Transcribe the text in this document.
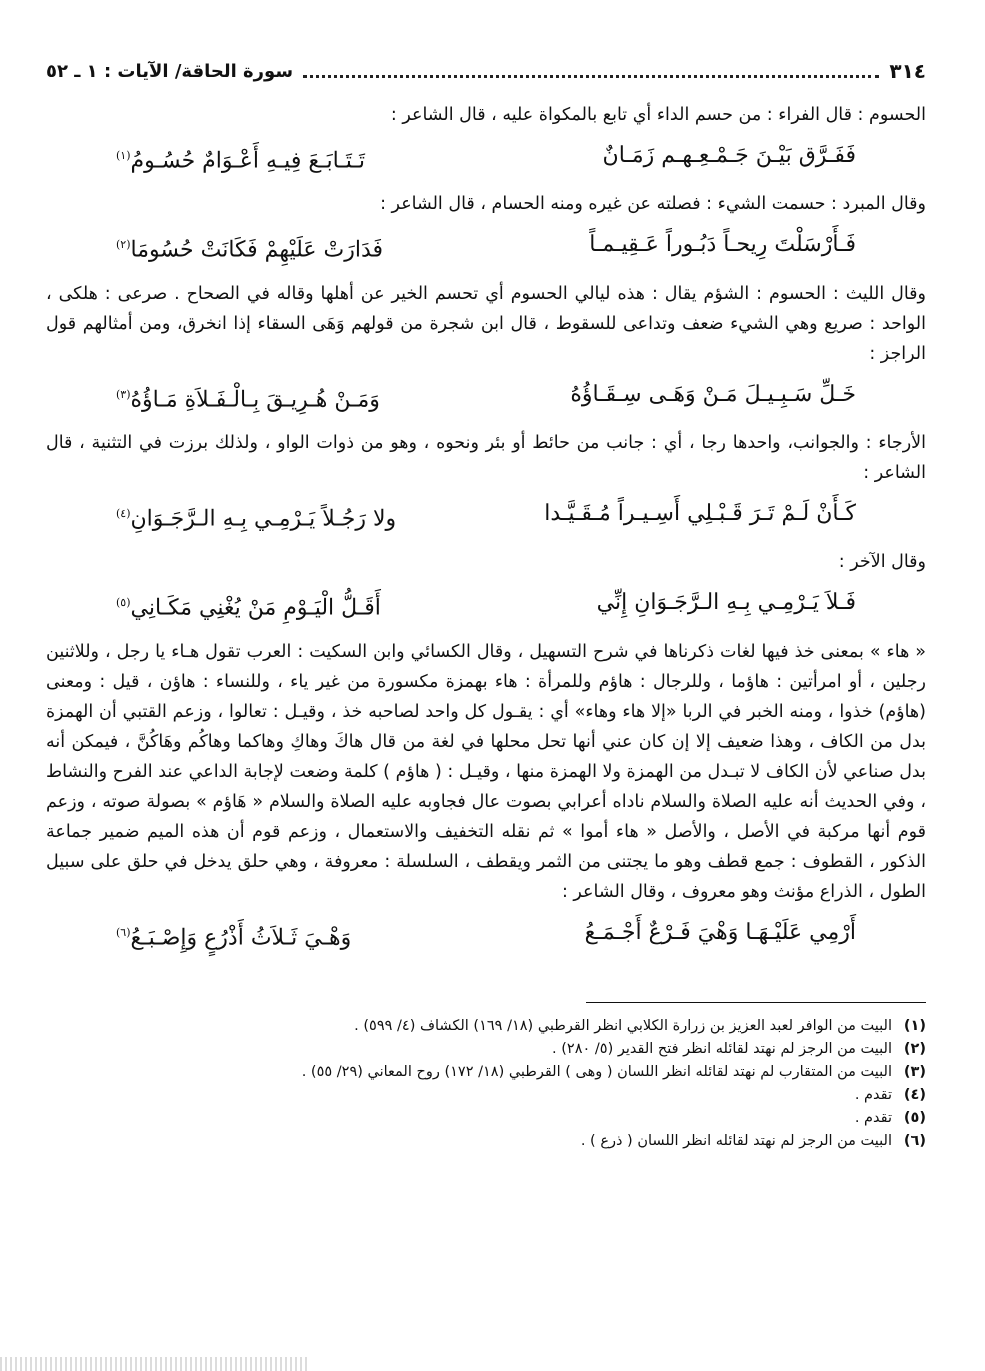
٣١٤
سورة الحاقة/ الآيات : ١ ـ ٥٢

الحسوم : قال الفراء : من حسم الداء أي تابع بالمكواة عليه ، قال الشاعر :

فَفَـرَّق بَيْـنَ جَـمْـعِـهـم زَمَـانٌ
تَـتَـابَـعَ فِيـهِ أَعْـوَامٌ حُسُـومُ$^{(١)}$

وقال المبرد : حسمت الشيء : فصلته عن غيره ومنه الحسام ، قال الشاعر :

فَـأَرْسَلْتَ رِيحـاً دَبُـوراً عَـقِيـمـاً
فَدَارَتْ عَلَيْهِمْ فَكَانَتْ حُسُومَا$^{(٢)}$

وقال الليث : الحسوم : الشؤم يقال : هذه ليالي الحسوم أي تحسم الخير عن أهلها وقاله في الصحاح . صرعى : هلكى ، الواحد : صريع وهي الشيء ضعف وتداعى للسقوط ، قال ابن شجرة من قولهم وَهَى السقاء إذا انخرق، ومن أمثالهم قول الراجز :

خَـلِّ سَـبِـيـلَ مَـنْ وَهَـى سِـقَـاؤُهُ
وَمَـنْ هُـرِيـقَ بِـالْـفَـلاَةِ مَـاؤُهُ$^{(٣)}$

الأرجاء : والجوانب، واحدها رجا ، أي : جانب من حائط أو بئر ونحوه ، وهو من ذوات الواو ، ولذلك برزت في التثنية ، قال الشاعر :

كَـأَنْ لَـمْ تَـرَ قَـبْـلِي أَسِـيـراً مُـقَـيَّـدا
ولا رَجُـلاً يَـرْمِـي بِـهِ الـرَّجَـوَانِ$^{(٤)}$

وقال الآخر :

فَـلاَ يَـرْمِـي بِـهِ الـرَّجَـوَانِ إِنِّي
أَقَـلُّ الْيَـوْمِ مَنْ يُغْنِي مَكَـانِي$^{(٥)}$

« هاء » بمعنى خذ فيها لغات ذكرناها في شرح التسهيل ، وقال الكسائي وابن السكيت : العرب تقول هـاء يا رجل ، وللاثنين رجلين ، أو امرأتين : هاؤما ، وللرجال : هاؤم وللمرأة : هاء بهمزة مكسورة من غير ياء ، وللنساء : هاؤن ، قيل : ومعنى (هاؤم) خذوا ، ومنه الخبر في الربا «إلا هاء وهاء» أي : يقـول كل واحد لصاحبه خذ ، وقيـل : تعالوا ، وزعم القتبي أن الهمزة بدل من الكاف ، وهذا ضعيف إلا إن كان عني أنها تحل محلها في لغة من قال هاكَ وهاكِ وهاكما وهاكُم وهَاكُنَّ ، فيمكن أنه بدل صناعي لأن الكاف لا تبـدل من الهمزة ولا الهمزة منها ، وقيـل : ( هاؤم ) كلمة وضعت لإجابة الداعي عند الفرح والنشاط ، وفي الحديث أنه عليه الصلاة والسلام ناداه أعرابي بصوت عال فجاوبه عليه الصلاة والسلام « هَاؤم » بصولة صوته ، وزعم قوم أنها مركبة في الأصل ، والأصل « هاء أموا » ثم نقله التخفيف والاستعمال ، وزعم قوم أن هذه الميم ضمير جماعة الذكور ، القطوف : جمع قطف وهو ما يجتنى من الثمر ويقطف ، السلسلة : معروفة ، وهي حلق يدخل في حلق على سبيل الطول ، الذراع مؤنث وهو معروف ، وقال الشاعر :

أَرْمِي عَلَيْـهَـا وَهْيَ فَـرْعٌ أَجْـمَـعُ
وَهْـيَ ثَـلاَثُ أَذْرُعٍ وَإِصْـبَـعُ$^{(٦)}$

(١)البيت من الوافر لعبد العزيز بن زرارة الكلابي انظر القرطبي (١٨/ ١٦٩) الكشاف (٤/ ٥٩٩) .

(٢)البيت من الرجز لم نهتد لقائله انظر فتح القدير (٥/ ٢٨٠) .

(٣)البيت من المتقارب لم نهتد لقائله انظر اللسان ( وهى ) القرطبي (١٨/ ١٧٢) روح المعاني (٢٩/ ٥٥) .

(٤)تقدم .

(٥)تقدم .

(٦)البيت من الرجز لم نهتد لقائله انظر اللسان ( ذرع ) .
